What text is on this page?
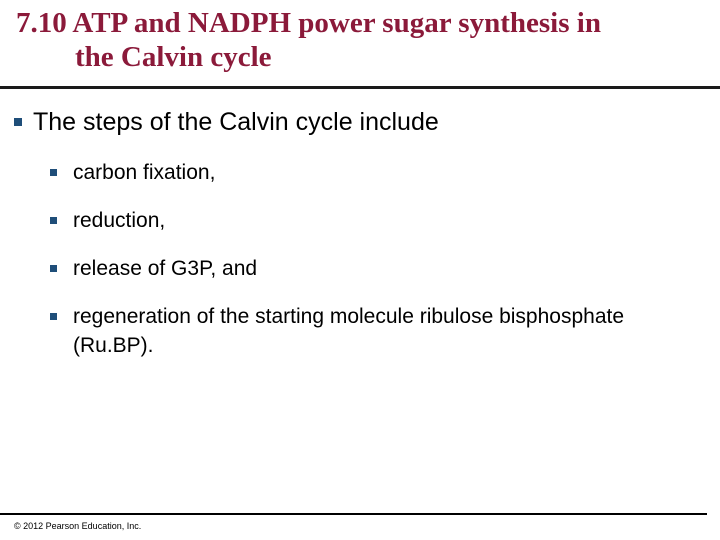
7.10 ATP and NADPH power sugar synthesis in
the Calvin cycle
The steps of the Calvin cycle include
carbon fixation,
reduction,
release of G3P, and
regeneration of the starting molecule ribulose bisphosphate (Ru.BP).
© 2012 Pearson Education, Inc.
